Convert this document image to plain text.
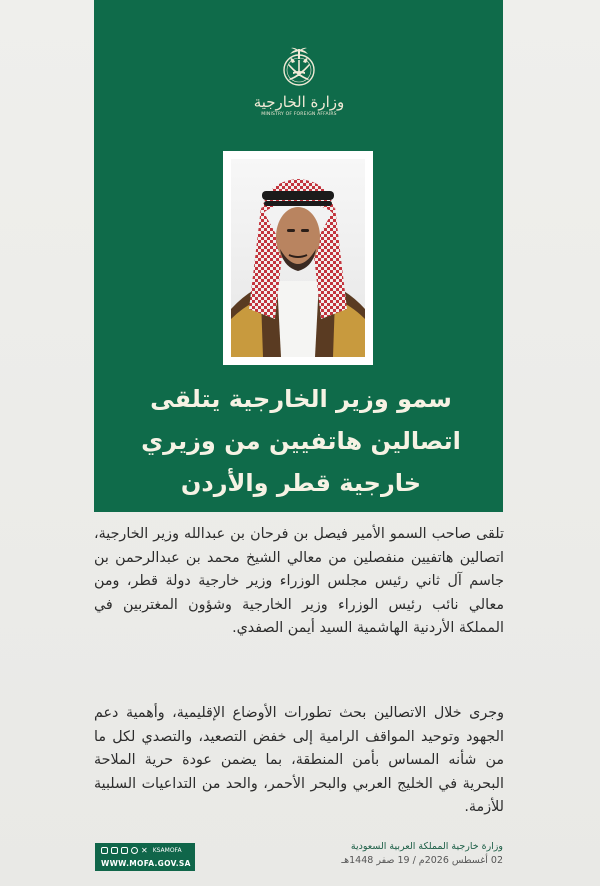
وزارة الخارجية
MINISTRY OF FOREIGN AFFAIRS
سمو وزير الخارجية يتلقى
اتصالين هاتفيين من وزيري
خارجية قطر والأردن
تلقى صاحب السمو الأمير فيصل بن فرحان بن عبدالله وزير الخارجية، اتصالين هاتفيين منفصلين من معالي الشيخ محمد بن عبدالرحمن بن جاسم آل ثاني رئيس مجلس الوزراء وزير خارجية دولة قطر، ومن معالي نائب رئيس الوزراء وزير الخارجية وشؤون المغتربين في المملكة الأردنية الهاشمية السيد أيمن الصفدي.
وجرى خلال الاتصالين بحث تطورات الأوضاع الإقليمية، وأهمية دعم الجهود وتوحيد المواقف الرامية إلى خفض التصعيد، والتصدي لكل ما من شأنه المساس بأمن المنطقة، بما يضمن عودة حرية الملاحة البحرية في الخليج العربي والبحر الأحمر، والحد من التداعيات السلبية للأزمة.
✕ KSAMOFA
WWW.MOFA.GOV.SA
وزارة خارجية المملكة العربية السعودية
02 أغسطس 2026م / 19 صفر 1448هـ
